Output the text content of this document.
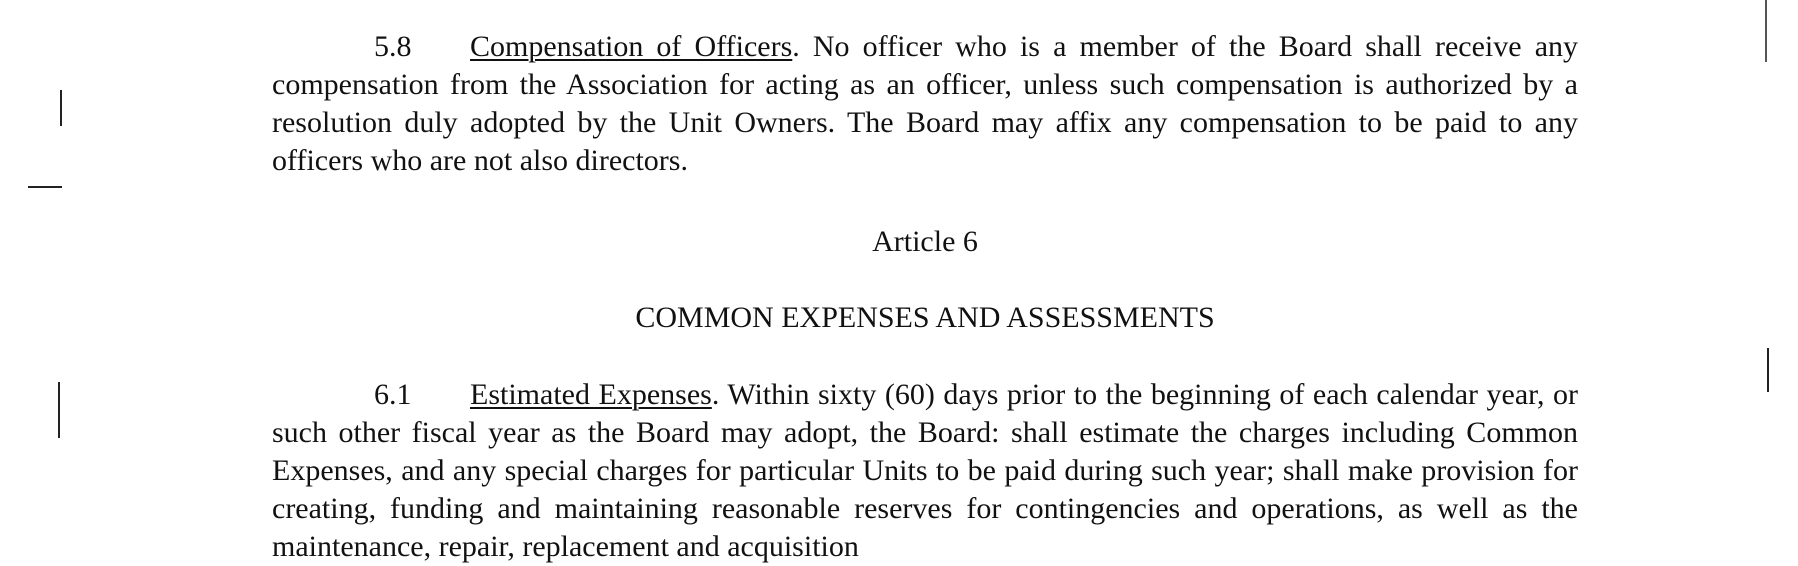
5.8 Compensation of Officers. No officer who is a member of the Board shall receive any compensation from the Association for acting as an officer, unless such compensation is authorized by a resolution duly adopted by the Unit Owners. The Board may affix any compensation to be paid to any officers who are not also directors.

Article 6
COMMON EXPENSES AND ASSESSMENTS

6.1 Estimated Expenses. Within sixty (60) days prior to the beginning of each calendar year, or such other fiscal year as the Board may adopt, the Board: shall estimate the charges including Common Expenses, and any special charges for particular Units to be paid during such year; shall make provision for creating, funding and maintaining reasonable reserves for contingencies and operations, as well as the maintenance, repair, replacement and acquisition
